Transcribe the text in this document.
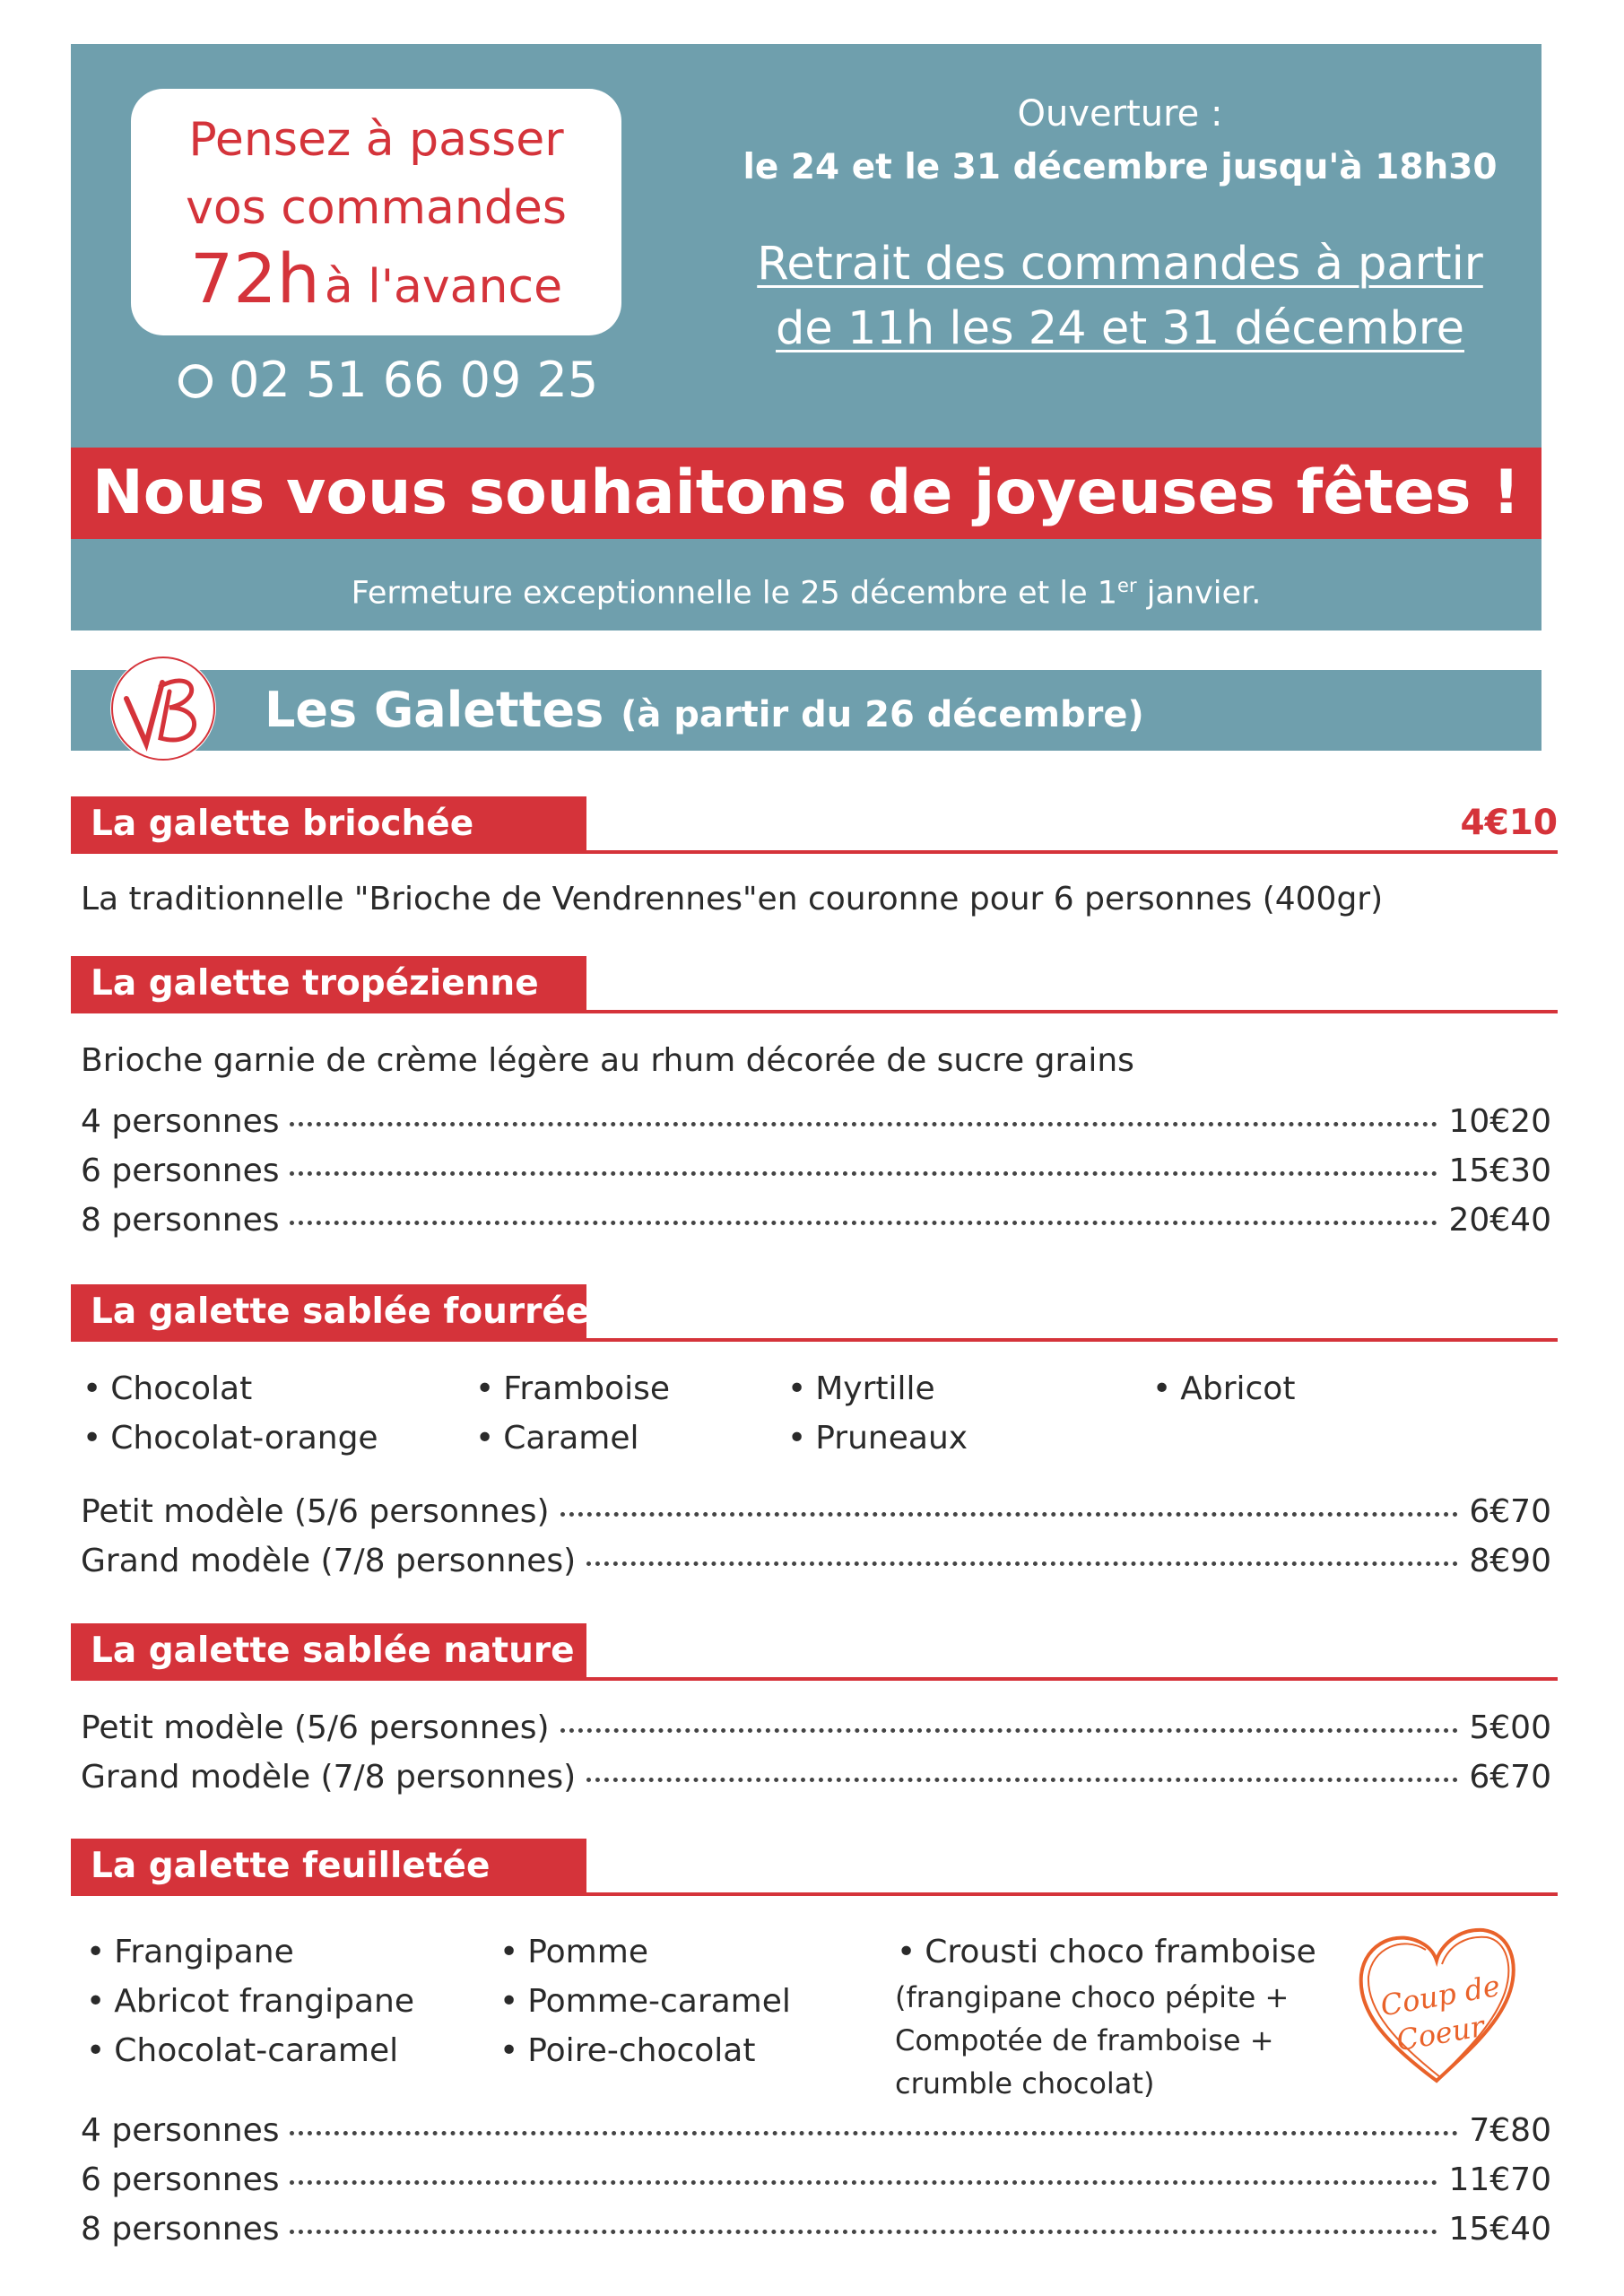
Pensez à passer
vos commandes
72h à l'avance
02 51 66 09 25
Ouverture :
le 24 et le 31 décembre jusqu'à 18h30
Retrait des commandes à partir
de 11h les 24 et 31 décembre
Nous vous souhaitons de joyeuses fêtes !
Fermeture exceptionnelle le 25 décembre et le 1er janvier.
Les Galettes (à partir du 26 décembre)
La galette briochée	4€10
La traditionnelle "Brioche de Vendrennes"en couronne pour 6 personnes (400gr)
La galette tropézienne
Brioche garnie de crème légère au rhum décorée de sucre grains
4 personnes	10€20
6 personnes	15€30
8 personnes	20€40
La galette sablée fourrée
• Chocolat
• Chocolat-orange
• Framboise
• Caramel
• Myrtille
• Pruneaux
• Abricot
Petit modèle (5/6 personnes)	6€70
Grand modèle (7/8 personnes)	8€90
La galette sablée nature
Petit modèle (5/6 personnes)	5€00
Grand modèle (7/8 personnes)	6€70
La galette feuilletée
• Frangipane
• Abricot frangipane
• Chocolat-caramel
• Pomme
• Pomme-caramel
• Poire-chocolat
• Crousti choco framboise
(frangipane choco pépite +
Compotée de framboise +
crumble chocolat)
Coup de
Coeur
4 personnes	7€80
6 personnes	11€70
8 personnes	15€40
